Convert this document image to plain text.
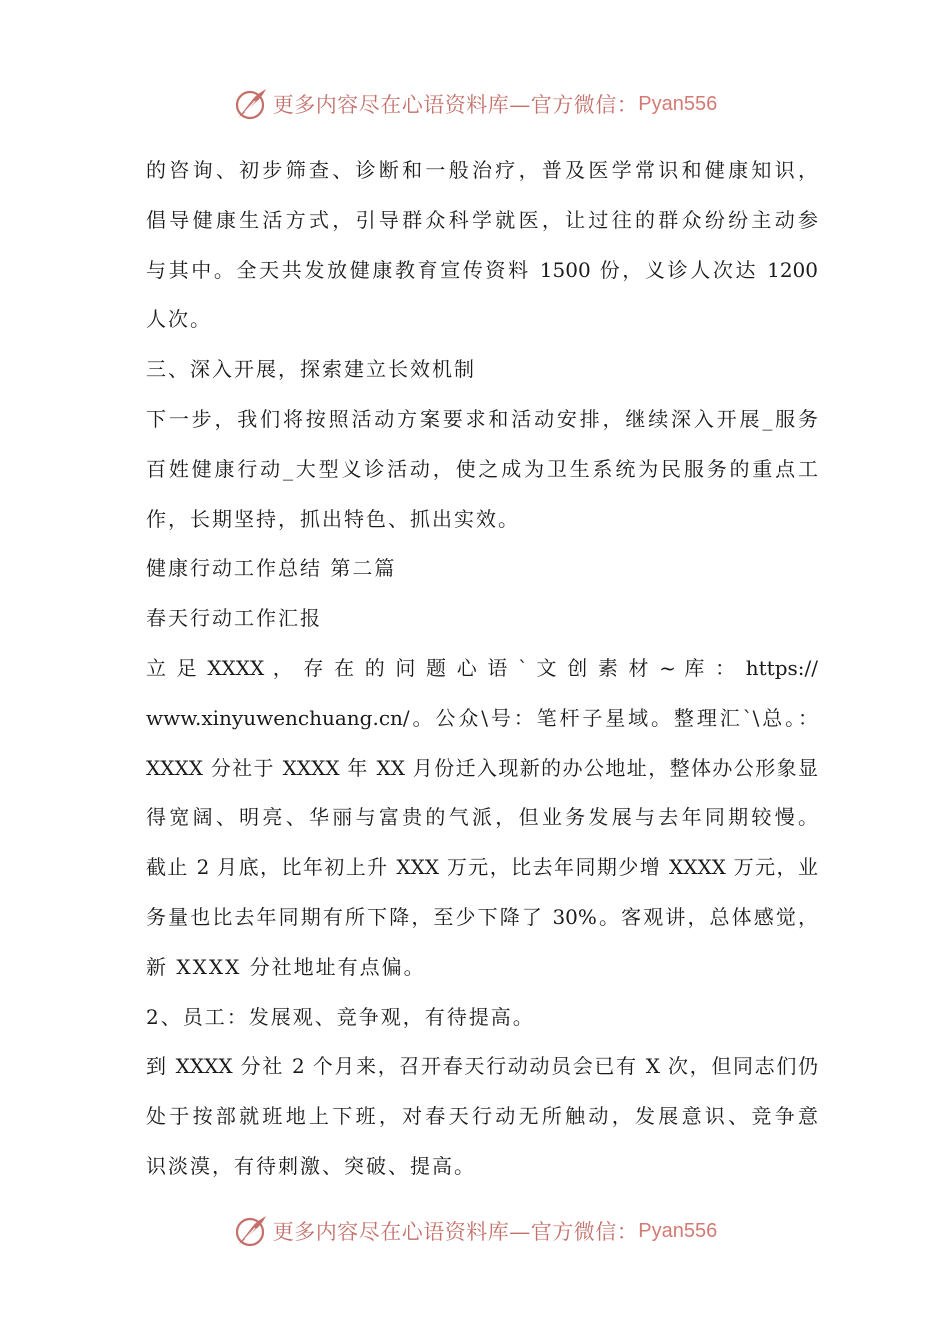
更多内容尽在心语资料库—官方微信： Pyan556
的咨询、初步筛查、诊断和一般治疗，普及医学常识和健康知识，
倡导健康生活方式，引导群众科学就医，让过往的群众纷纷主动参
与其中。全天共发放健康教育宣传资料 1500 份，义诊人次达 1200
人次。
三、深入开展，探索建立长效机制
下一步，我们将按照活动方案要求和活动安排，继续深入开展_服务
百姓健康行动_大型义诊活动，使之成为卫生系统为民服务的重点工
作，长期坚持，抓出特色、抓出实效。
健康行动工作总结 第二篇
春天行动工作汇报
立 足 XXXX ， 存 在 的 问 题 心 语 ` 文 创 素 材 ~ 库 ： https://
www.xinyuwenchuang.cn/。公众\号：笔杆子星域。整理汇`\总。：
XXXX 分社于 XXXX 年 XX 月份迁入现新的办公地址，整体办公形象显
得宽阔、明亮、华丽与富贵的气派，但业务发展与去年同期较慢。
截止 2 月底，比年初上升 XXX 万元，比去年同期少增 XXXX 万元，业
务量也比去年同期有所下降，至少下降了 30%。客观讲，总体感觉，
新 XXXX 分社地址有点偏。
2、员工：发展观、竞争观，有待提高。
到 XXXX 分社 2 个月来，召开春天行动动员会已有 X 次，但同志们仍
处于按部就班地上下班，对春天行动无所触动，发展意识、竞争意
识淡漠，有待刺激、突破、提高。
更多内容尽在心语资料库—官方微信： Pyan556
